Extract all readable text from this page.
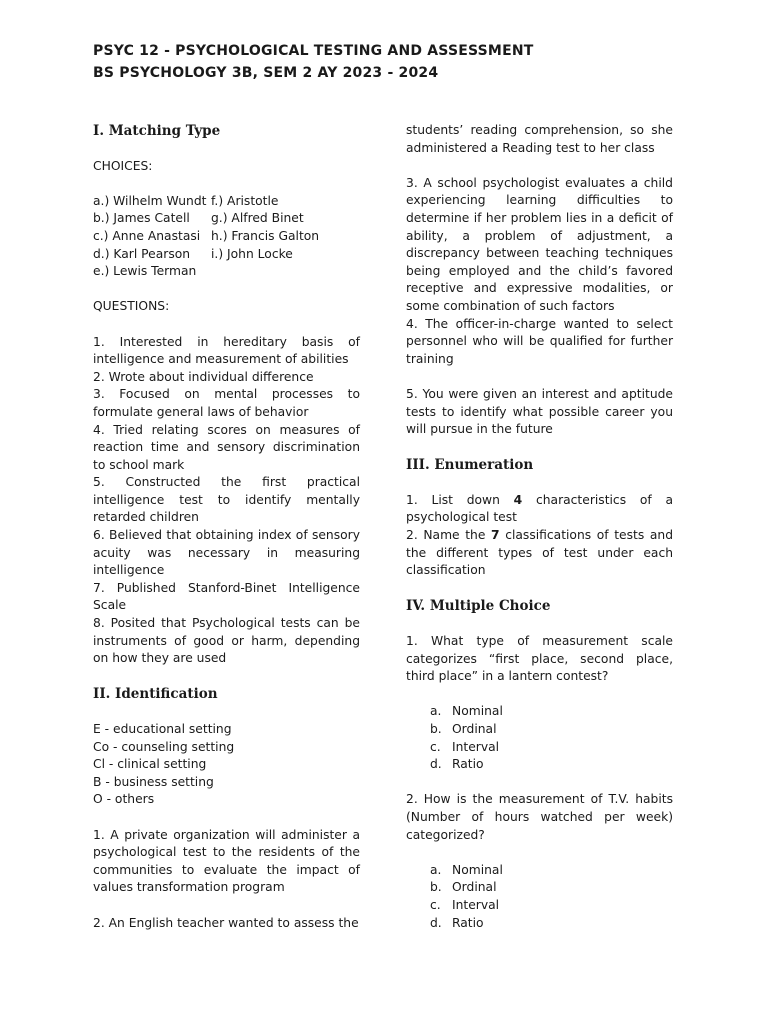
PSYC 12 - PSYCHOLOGICAL TESTING AND ASSESSMENT
BS PSYCHOLOGY 3B, SEM 2 AY 2023 - 2024
I. Matching Type
CHOICES:
a.) Wilhelm Wundt f.) Aristotle
b.) James Catell	g.) Alfred Binet
c.) Anne Anastasi h.) Francis Galton
d.) Karl Pearson	i.) John Locke
e.) Lewis Terman
QUESTIONS:
1. Interested in hereditary basis of intelligence and measurement of abilities
2. Wrote about individual difference
3. Focused on mental processes to formulate general laws of behavior
4. Tried relating scores on measures of reaction time and sensory discrimination to school mark
5. Constructed the first practical intelligence test to identify mentally retarded children
6. Believed that obtaining index of sensory acuity was necessary in measuring intelligence
7. Published Stanford-Binet Intelligence Scale
8. Posited that Psychological tests can be instruments of good or harm, depending on how they are used
II. Identification
E - educational setting
Co - counseling setting
Cl - clinical setting
B - business setting
O - others
1. A private organization will administer a psychological test to the residents of the communities to evaluate the impact of values transformation program
2. An English teacher wanted to assess the
students’ reading comprehension, so she administered a Reading test to her class
3. A school psychologist evaluates a child experiencing learning difficulties to determine if her problem lies in a deficit of ability, a problem of adjustment, a discrepancy between teaching techniques being employed and the child’s favored receptive and expressive modalities, or some combination of such factors
4. The officer-in-charge wanted to select personnel who will be qualified for further training
5. You were given an interest and aptitude tests to identify what possible career you will pursue in the future
III. Enumeration
1. List down 4 characteristics of a psychological test
2. Name the 7 classifications of tests and the different types of test under each classification
IV. Multiple Choice
1. What type of measurement scale categorizes “first place, second place, third place” in a lantern contest?
a. Nominal
b. Ordinal
c. Interval
d. Ratio
2. How is the measurement of T.V. habits (Number of hours watched per week) categorized?
a. Nominal
b. Ordinal
c. Interval
d. Ratio
